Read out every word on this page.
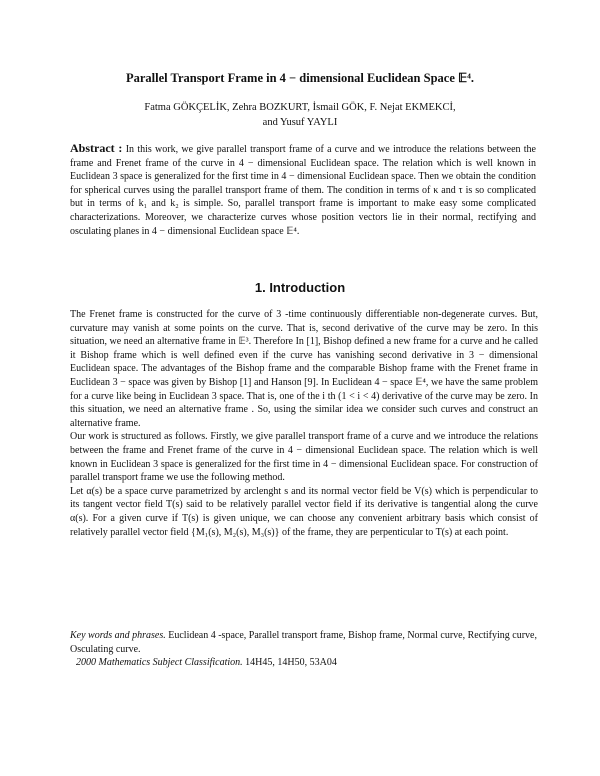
Parallel Transport Frame in 4 − dimensional Euclidean Space 𝔼⁴.
Fatma GÖKÇELİK, Zehra BOZKURT, İsmail GÖK, F. Nejat EKMEKCİ,
and Yusuf YAYLI
Abstract : In this work, we give parallel transport frame of a curve and we introduce the relations between the frame and Frenet frame of the curve in 4 − dimensional Euclidean space. The relation which is well known in Euclidean 3 space is generalized for the first time in 4 − dimensional Euclidean space. Then we obtain the condition for spherical curves using the parallel transport frame of them. The condition in terms of κ and τ is so complicated but in terms of k₁ and k₂ is simple. So, parallel transport frame is important to make easy some complicated characterizations. Moreover, we characterize curves whose position vectors lie in their normal, rectifying and osculating planes in 4 − dimensional Euclidean space 𝔼⁴.
1. Introduction

The Frenet frame is constructed for the curve of 3 -time continuously differentiable non-degenerate curves. But, curvature may vanish at some points on the curve. That is, second derivative of the curve may be zero. In this situation, we need an alternative frame in 𝔼³. Therefore In [1], Bishop defined a new frame for a curve and he called it Bishop frame which is well defined even if the curve has vanishing second derivative in 3 − dimensional Euclidean space. The advantages of the Bishop frame and the comparable Bishop frame with the Frenet frame in Euclidean 3 − space was given by Bishop [1] and Hanson [9]. In Euclidean 4 − space 𝔼⁴, we have the same problem for a curve like being in Euclidean 3 space. That is, one of the i th (1 < i < 4) derivative of the curve may be zero. In this situation, we need an alternative frame . So, using the similar idea we consider such curves and construct an alternative frame.

Our work is structured as follows. Firstly, we give parallel transport frame of a curve and we introduce the relations between the frame and Frenet frame of the curve in 4 − dimensional Euclidean space. The relation which is well known in Euclidean 3 space is generalized for the first time in 4 − dimensional Euclidean space. For construction of parallel transport frame we use the following method.

Let α(s) be a space curve parametrized by arclenght s and its normal vector field be V(s) which is perpendicular to its tangent vector field T(s) said to be relatively parallel vector field if its derivative is tangential along the curve α(s). For a given curve if T(s) is given unique, we can choose any convenient arbitrary basis which consist of relatively parallel vector field {M₁(s), M₂(s), M₃(s)} of the frame, they are perpenticular to T(s) at each point.

Key words and phrases. Euclidean 4 -space, Parallel transport frame, Bishop frame, Normal curve, Rectifying curve, Osculating curve.

2000 Mathematics Subject Classification. 14H45, 14H50, 53A04
